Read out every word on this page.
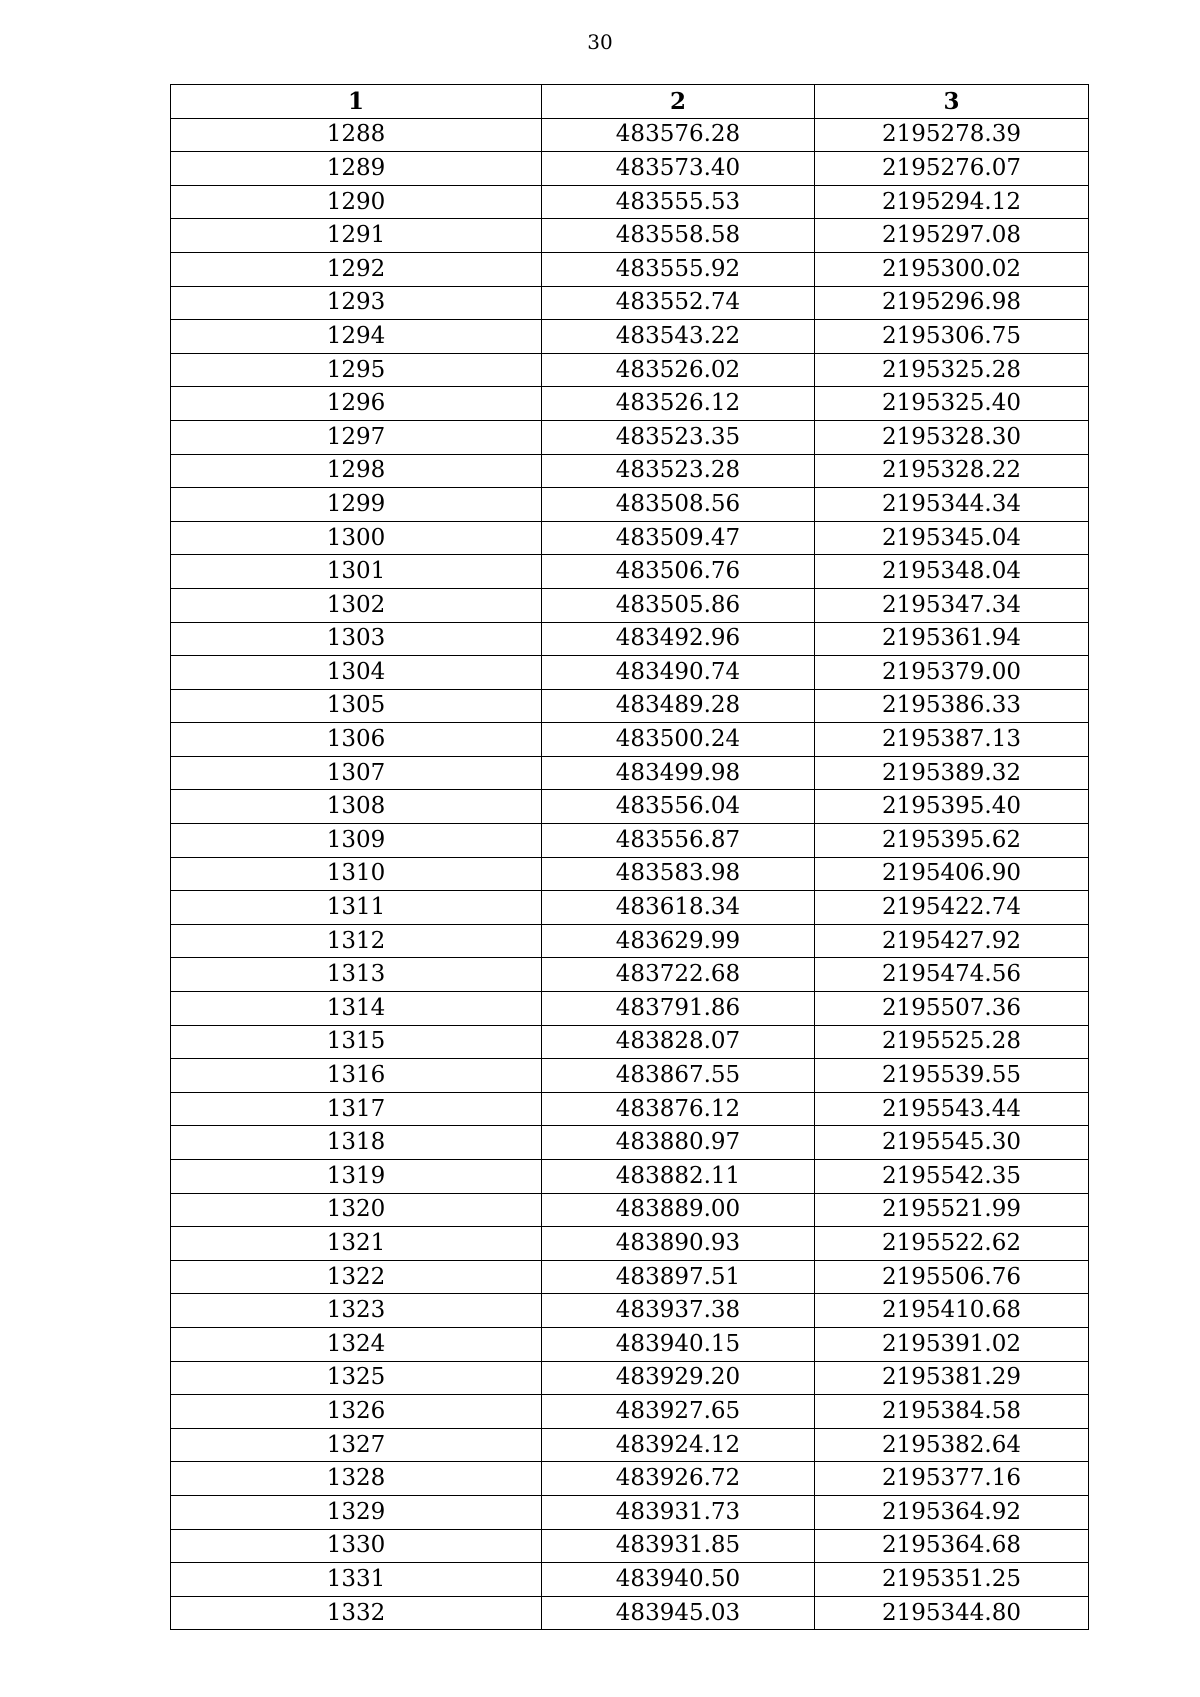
30
1	2	3
1288	483576.28	2195278.39
1289	483573.40	2195276.07
1290	483555.53	2195294.12
1291	483558.58	2195297.08
1292	483555.92	2195300.02
1293	483552.74	2195296.98
1294	483543.22	2195306.75
1295	483526.02	2195325.28
1296	483526.12	2195325.40
1297	483523.35	2195328.30
1298	483523.28	2195328.22
1299	483508.56	2195344.34
1300	483509.47	2195345.04
1301	483506.76	2195348.04
1302	483505.86	2195347.34
1303	483492.96	2195361.94
1304	483490.74	2195379.00
1305	483489.28	2195386.33
1306	483500.24	2195387.13
1307	483499.98	2195389.32
1308	483556.04	2195395.40
1309	483556.87	2195395.62
1310	483583.98	2195406.90
1311	483618.34	2195422.74
1312	483629.99	2195427.92
1313	483722.68	2195474.56
1314	483791.86	2195507.36
1315	483828.07	2195525.28
1316	483867.55	2195539.55
1317	483876.12	2195543.44
1318	483880.97	2195545.30
1319	483882.11	2195542.35
1320	483889.00	2195521.99
1321	483890.93	2195522.62
1322	483897.51	2195506.76
1323	483937.38	2195410.68
1324	483940.15	2195391.02
1325	483929.20	2195381.29
1326	483927.65	2195384.58
1327	483924.12	2195382.64
1328	483926.72	2195377.16
1329	483931.73	2195364.92
1330	483931.85	2195364.68
1331	483940.50	2195351.25
1332	483945.03	2195344.80
